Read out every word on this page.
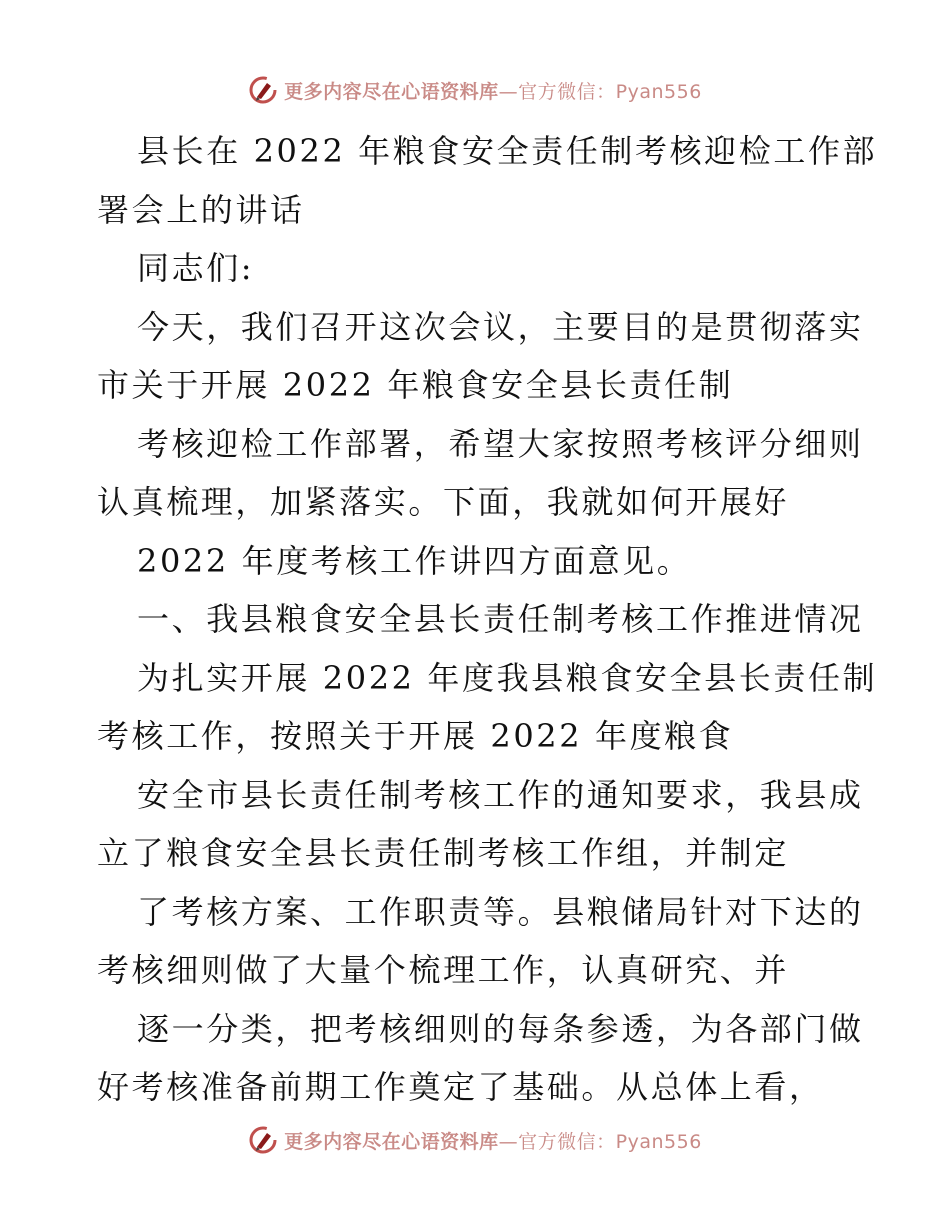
更多内容尽在心语资料库—官方微信：Pyan556
县长在 2022 年粮食安全责任制考核迎检工作部
署会上的讲话
同志们:
今天，我们召开这次会议，主要目的是贯彻落实
市关于开展 2022 年粮食安全县长责任制
考核迎检工作部署，希望大家按照考核评分细则
认真梳理，加紧落实。下面，我就如何开展好
2022 年度考核工作讲四方面意见。
一、我县粮食安全县长责任制考核工作推进情况
为扎实开展 2022 年度我县粮食安全县长责任制
考核工作，按照关于开展 2022 年度粮食
安全市县长责任制考核工作的通知要求，我县成
立了粮食安全县长责任制考核工作组，并制定
了考核方案、工作职责等。县粮储局针对下达的
考核细则做了大量个梳理工作，认真研究、并
逐一分类，把考核细则的每条参透，为各部门做
好考核准备前期工作奠定了基础。从总体上看，
更多内容尽在心语资料库—官方微信：Pyan556
